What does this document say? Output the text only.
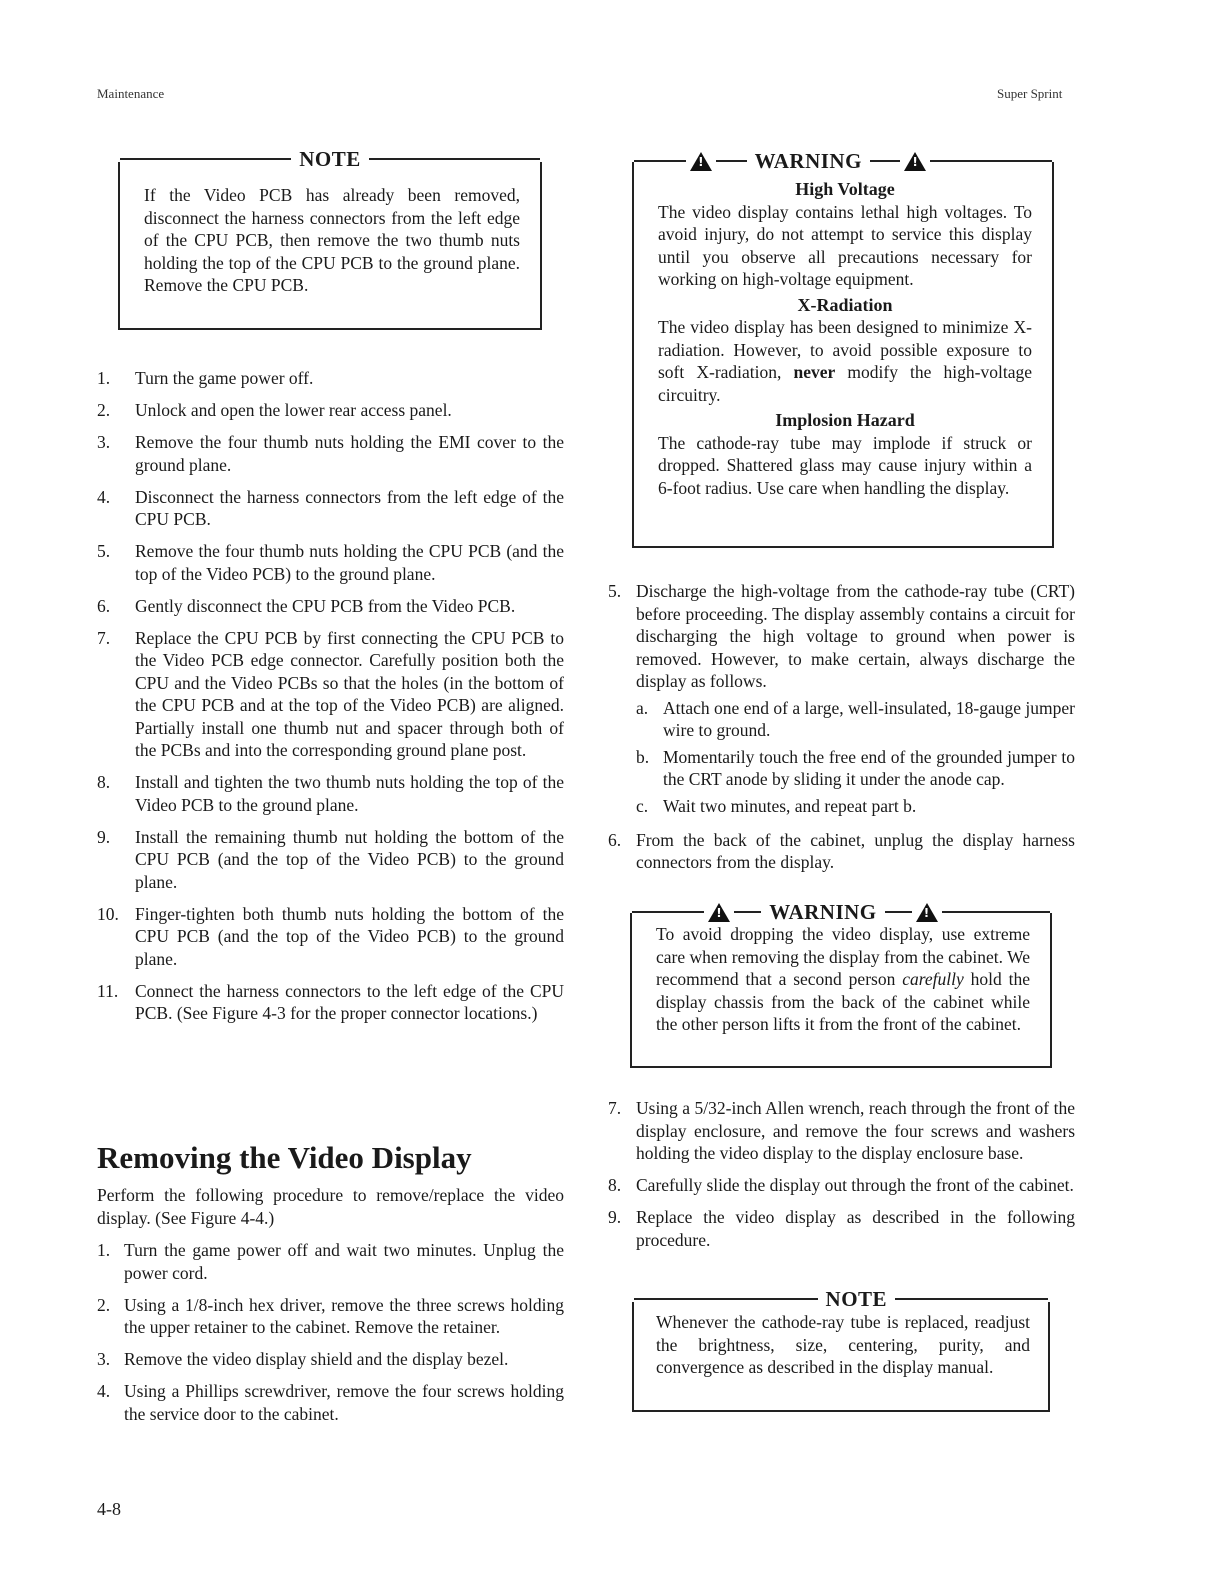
Maintenance	Super Sprint
NOTE
If the Video PCB has already been removed, disconnect the harness connectors from the left edge of the CPU PCB, then remove the two thumb nuts holding the top of the CPU PCB to the ground plane. Remove the CPU PCB.
1.	Turn the game power off.
2.	Unlock and open the lower rear access panel.
3.	Remove the four thumb nuts holding the EMI cover to the ground plane.
4.	Disconnect the harness connectors from the left edge of the CPU PCB.
5.	Remove the four thumb nuts holding the CPU PCB (and the top of the Video PCB) to the ground plane.
6.	Gently disconnect the CPU PCB from the Video PCB.
7.	Replace the CPU PCB by first connecting the CPU PCB to the Video PCB edge connector. Carefully position both the CPU and the Video PCBs so that the holes (in the bottom of the CPU PCB and at the top of the Video PCB) are aligned. Partially install one thumb nut and spacer through both of the PCBs and into the corresponding ground plane post.
8.	Install and tighten the two thumb nuts holding the top of the Video PCB to the ground plane.
9.	Install the remaining thumb nut holding the bottom of the CPU PCB (and the top of the Video PCB) to the ground plane.
10. Finger-tighten both thumb nuts holding the bottom of the CPU PCB (and the top of the Video PCB) to the ground plane.
11. Connect the harness connectors to the left edge of the CPU PCB. (See Figure 4-3 for the proper connector locations.)
Removing the Video Display
Perform the following procedure to remove/replace the video display. (See Figure 4-4.)
1. Turn the game power off and wait two minutes. Unplug the power cord.
2. Using a 1/8-inch hex driver, remove the three screws holding the upper retainer to the cabinet. Remove the retainer.
3. Remove the video display shield and the display bezel.
4. Using a Phillips screwdriver, remove the four screws holding the service door to the cabinet.
!
WARNING
!
High Voltage
The video display contains lethal high voltages. To avoid injury, do not attempt to service this display until you observe all precautions necessary for working on high-voltage equipment.
X-Radiation
The video display has been designed to minimize X-radiation. However, to avoid possible exposure to soft X-radiation, never modify the high-voltage circuitry.
Implosion Hazard
The cathode-ray tube may implode if struck or dropped. Shattered glass may cause injury within a 6-foot radius. Use care when handling the display.
5. Discharge the high-voltage from the cathode-ray tube (CRT) before proceeding. The display assembly contains a circuit for discharging the high voltage to ground when power is removed. However, to make certain, always discharge the display as follows.
a. Attach one end of a large, well-insulated, 18-gauge jumper wire to ground.
b. Momentarily touch the free end of the grounded jumper to the CRT anode by sliding it under the anode cap.
c. Wait two minutes, and repeat part b.
6. From the back of the cabinet, unplug the display harness connectors from the display.
!
WARNING
!
To avoid dropping the video display, use extreme care when removing the display from the cabinet. We recommend that a second person carefully hold the display chassis from the back of the cabinet while the other person lifts it from the front of the cabinet.
7. Using a 5/32-inch Allen wrench, reach through the front of the display enclosure, and remove the four screws and washers holding the video display to the display enclosure base.
8. Carefully slide the display out through the front of the cabinet.
9. Replace the video display as described in the following procedure.
NOTE
Whenever the cathode-ray tube is replaced, readjust the brightness, size, centering, purity, and convergence as described in the display manual.
4-8
